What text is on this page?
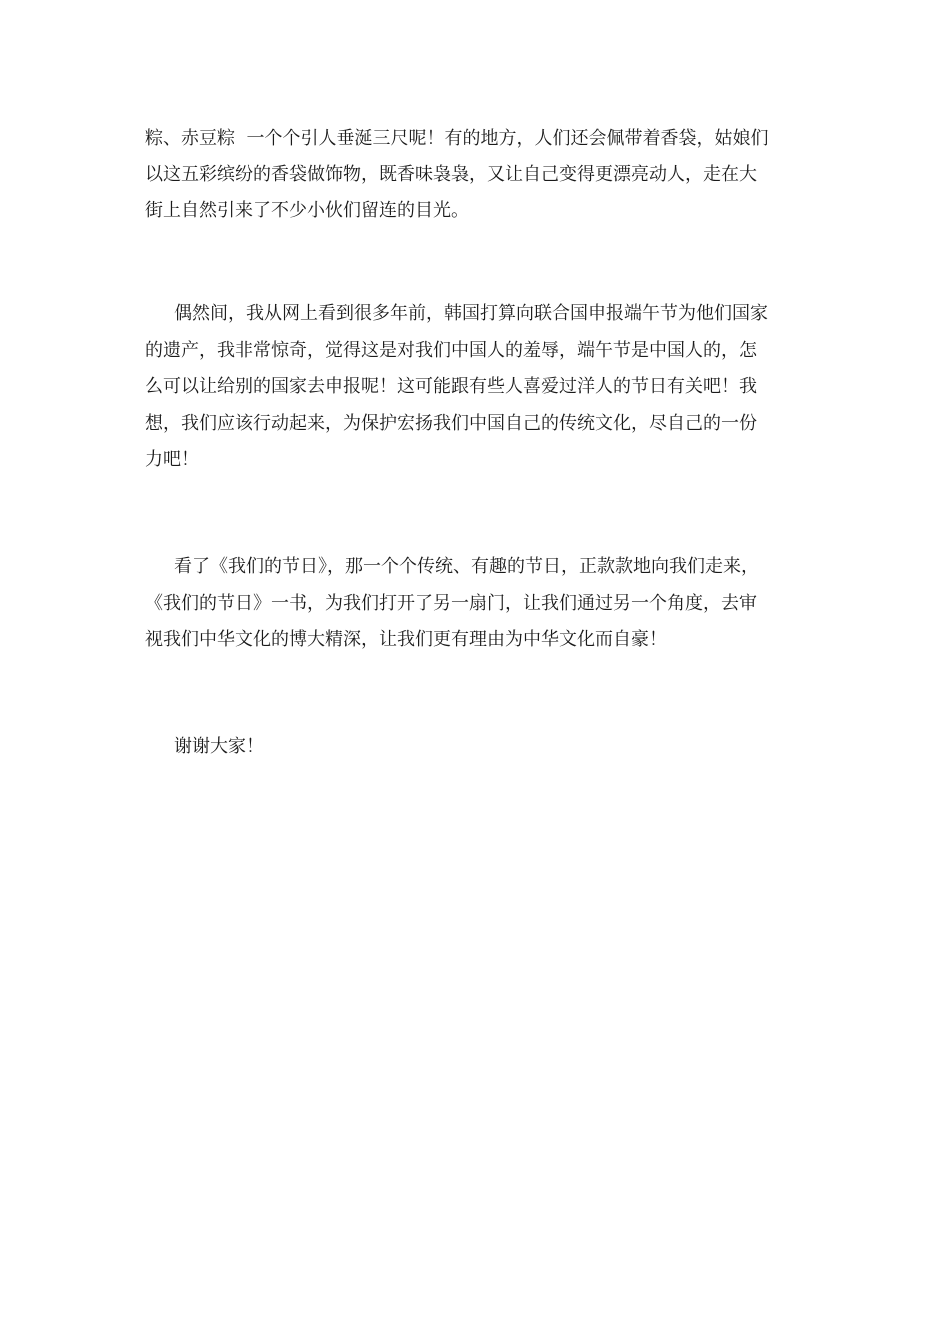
粽、赤豆粽  一个个引人垂涎三尺呢！有的地方，人们还会佩带着香袋，姑娘们

以这五彩缤纷的香袋做饰物，既香味袅袅，又让自己变得更漂亮动人，走在大

街上自然引来了不少小伙们留连的目光。

偶然间，我从网上看到很多年前，韩国打算向联合国申报端午节为他们国家

的遗产，我非常惊奇，觉得这是对我们中国人的羞辱，端午节是中国人的，怎

么可以让给别的国家去申报呢！这可能跟有些人喜爱过洋人的节日有关吧！我

想，我们应该行动起来，为保护宏扬我们中国自己的传统文化，尽自己的一份

力吧！

看了《我们的节日》，那一个个传统、有趣的节日，正款款地向我们走来，

《我们的节日》一书，为我们打开了另一扇门，让我们通过另一个角度，去审

视我们中华文化的博大精深，让我们更有理由为中华文化而自豪！

谢谢大家！
